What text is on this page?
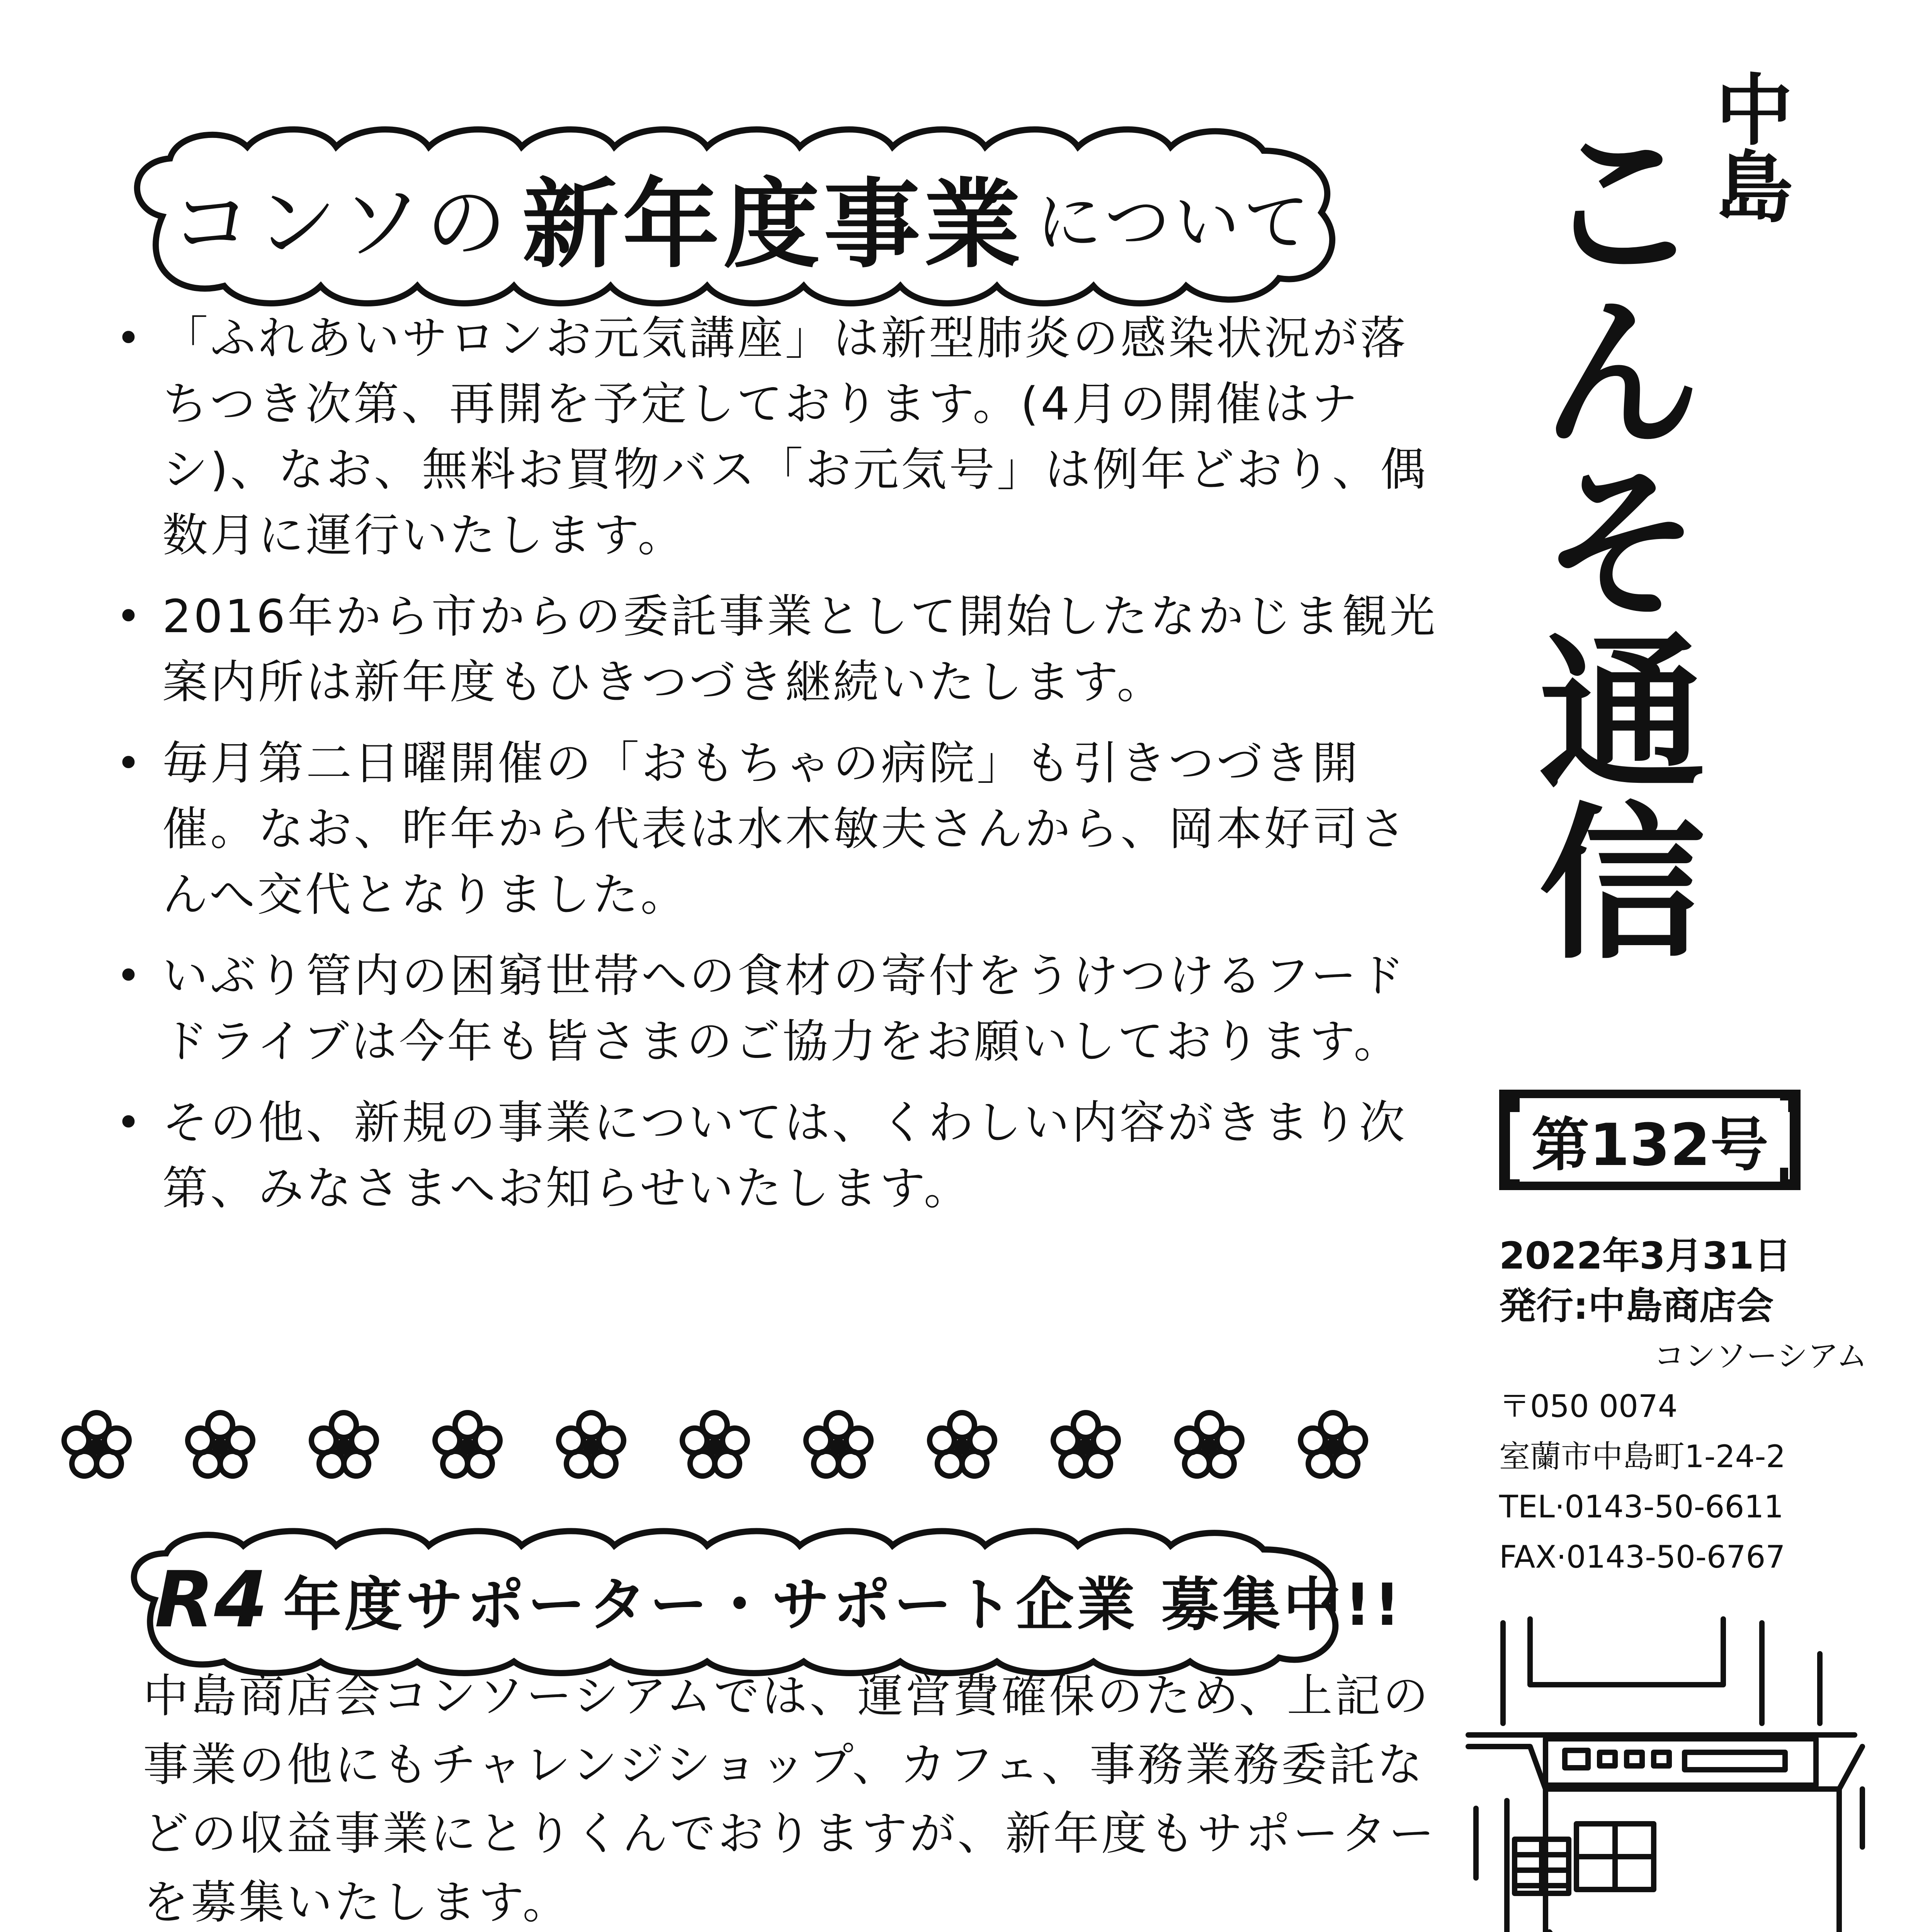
コンソの 新年度事業 について

• 「ふれあいサロンお元気講座」は新型肺炎の感染状況が落ちつき次第、再開を予定しております。(4月の開催はナシ)、なお、無料お買物バス「お元気号」は例年どおり、偶数月に運行いたします。

• 2016年から市からの委託事業として開始したなかじま観光案内所は新年度もひきつづき継続いたします。

• 毎月第二日曜開催の「おもちゃの病院」も引きつづき開催。なお、昨年から代表は水木敏夫さんから、岡本好司さんへ交代となりました。

• いぶり管内の困窮世帯への食材の寄付をうけつけるフードドライブは今年も皆さまのご協力をお願いしております。

• その他、新規の事業については、くわしい内容がきまり次第、みなさまへお知らせいたします。

中島
こんそ通信
第132号
2022年3月31日
発行:中島商店会
コンソーシアム
〒050 0074
室蘭市中島町1-24-2
TEL·0143-50-6611
FAX·0143-50-6767
R4 年度サポーター・サポート企業 募集中!!
中島商店会コンソーシアムでは、運営費確保のため、上記の事業の他にもチャレンジショップ、カフェ、事務業務委託などの収益事業にとりくんでおりますが、新年度もサポーターを募集いたします。
